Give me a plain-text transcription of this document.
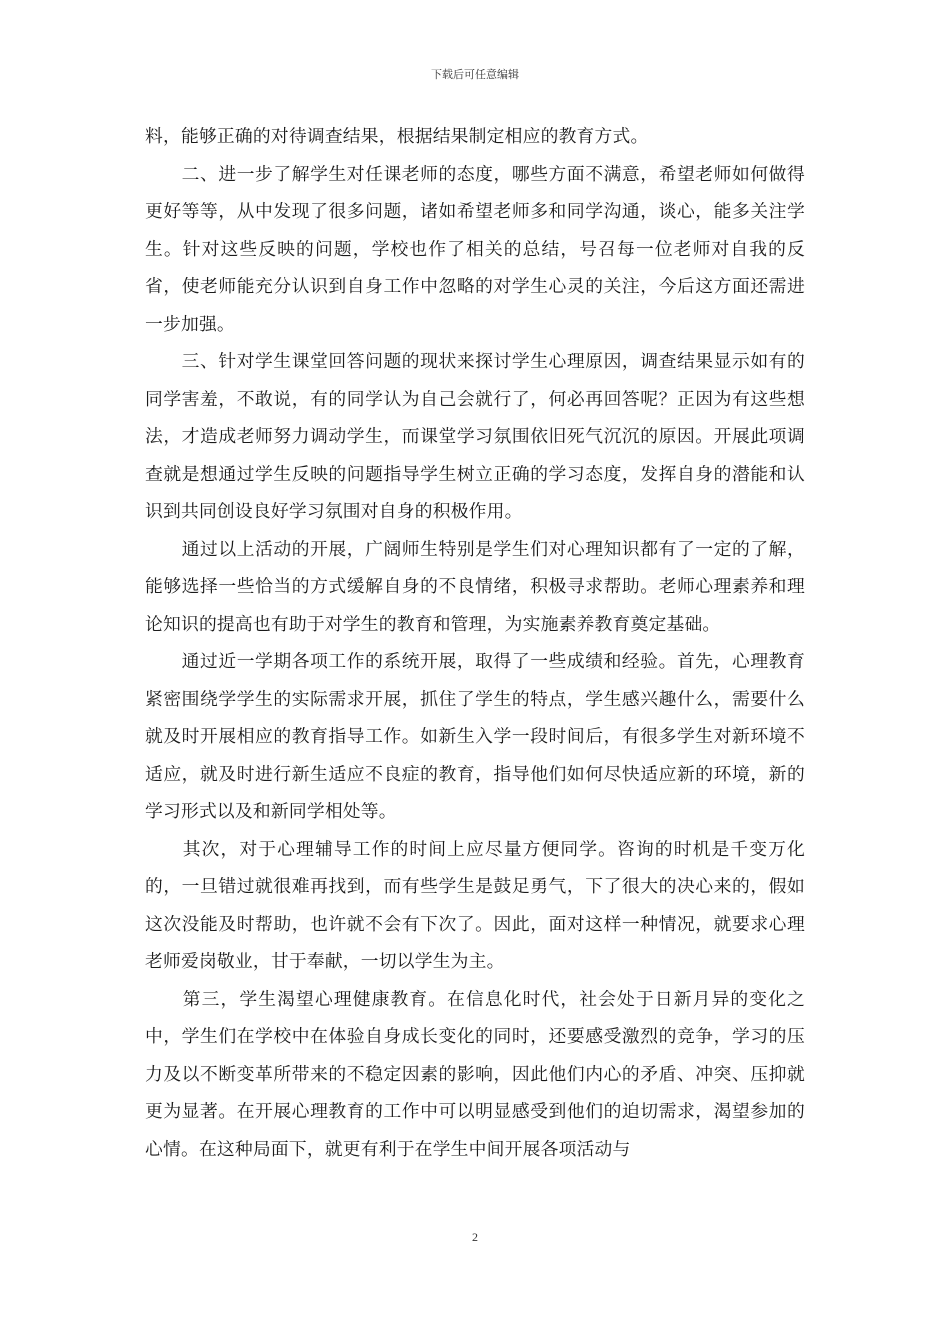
下载后可任意编辑

料，能够正确的对待调查结果，根据结果制定相应的教育方式。

　　二、进一步了解学生对任课老师的态度，哪些方面不满意，希望老师如何做得更好等等，从中发现了很多问题，诸如希望老师多和同学沟通，谈心，能多关注学生。针对这些反映的问题，学校也作了相关的总结，号召每一位老师对自我的反省，使老师能充分认识到自身工作中忽略的对学生心灵的关注，今后这方面还需进一步加强。

　　三、针对学生课堂回答问题的现状来探讨学生心理原因，调查结果显示如有的同学害羞，不敢说，有的同学认为自己会就行了，何必再回答呢？正因为有这些想法，才造成老师努力调动学生，而课堂学习氛围依旧死气沉沉的原因。开展此项调查就是想通过学生反映的问题指导学生树立正确的学习态度，发挥自身的潜能和认识到共同创设良好学习氛围对自身的积极作用。

　　通过以上活动的开展，广阔师生特别是学生们对心理知识都有了一定的了解，能够选择一些恰当的方式缓解自身的不良情绪，积极寻求帮助。老师心理素养和理论知识的提高也有助于对学生的教育和管理，为实施素养教育奠定基础。

　　通过近一学期各项工作的系统开展，取得了一些成绩和经验。首先，心理教育紧密围绕学学生的实际需求开展，抓住了学生的特点，学生感兴趣什么，需要什么就及时开展相应的教育指导工作。如新生入学一段时间后，有很多学生对新环境不适应，就及时进行新生适应不良症的教育，指导他们如何尽快适应新的环境，新的学习形式以及和新同学相处等。

　　其次，对于心理辅导工作的时间上应尽量方便同学。咨询的时机是千变万化的，一旦错过就很难再找到，而有些学生是鼓足勇气，下了很大的决心来的，假如这次没能及时帮助，也许就不会有下次了。因此，面对这样一种情况，就要求心理老师爱岗敬业，甘于奉献，一切以学生为主。

　　第三，学生渴望心理健康教育。在信息化时代，社会处于日新月异的变化之中，学生们在学校中在体验自身成长变化的同时，还要感受激烈的竞争，学习的压力及以不断变革所带来的不稳定因素的影响，因此他们内心的矛盾、冲突、压抑就更为显著。在开展心理教育的工作中可以明显感受到他们的迫切需求，渴望参加的心情。在这种局面下，就更有利于在学生中间开展各项活动与

2
